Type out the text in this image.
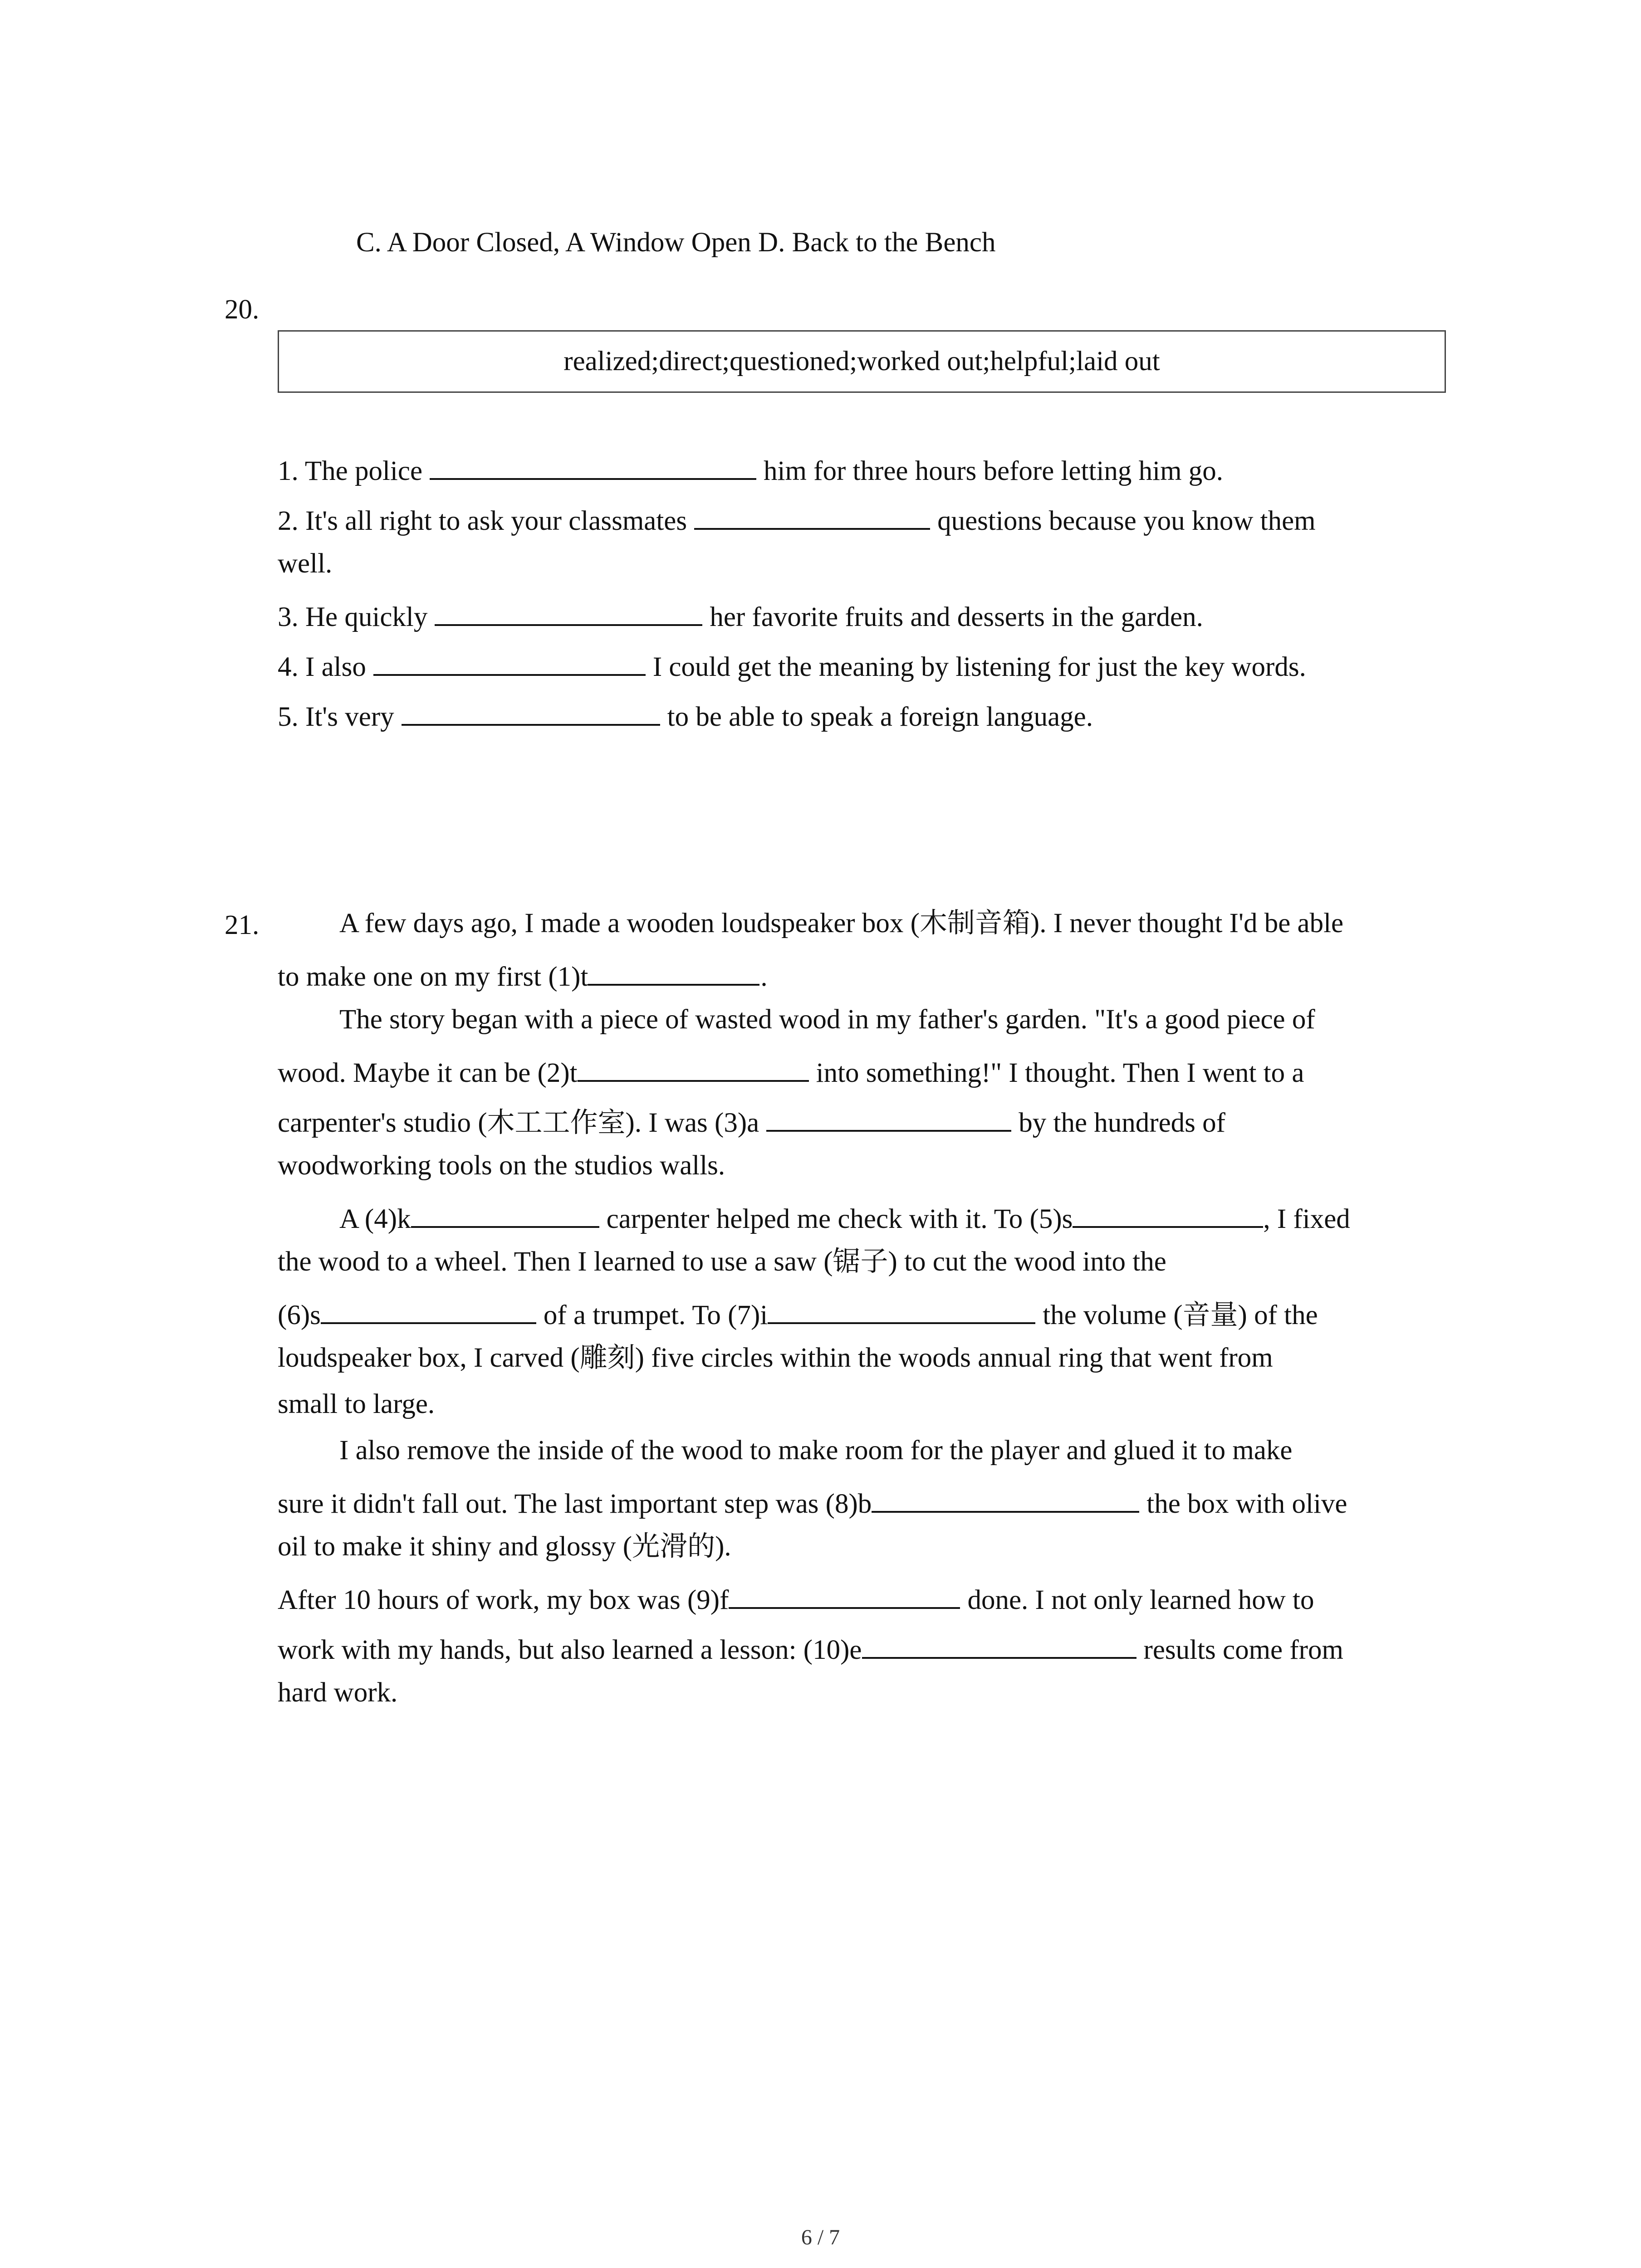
C. A Door Closed, A Window Open D. Back to the Bench
20.
realized;direct;questioned;worked out;helpful;laid out
1. The police	him for three hours before letting him go.
2. It's all right to ask your classmates	questions because you know them
well.
3. He quickly	her favorite fruits and desserts in the garden.
4. I also	I could get the meaning by listening for just the key words.
5. It's very	to be able to speak a foreign language.
21.	A few days ago, I made a wooden loudspeaker box (木制音箱). I never thought I'd be able
to make one on my first (1)t	.
The story began with a piece of wasted wood in my father's garden. "It's a good piece of
wood. Maybe it can be (2)t	into something!" I thought. Then I went to a
carpenter's studio (木工工作室). I was (3)a	by the hundreds of
woodworking tools on the studios walls.
A (4)k	carpenter helped me check with it. To (5)s	, I fixed
the wood to a wheel. Then I learned to use a saw (锯子) to cut the wood into the
(6)s	of a trumpet. To (7)i	the volume (音量) of the
loudspeaker box, I carved (雕刻) five circles within the woods annual ring that went from
small to large.
I also remove the inside of the wood to make room for the player and glued it to make
sure it didn't fall out. The last important step was (8)b	the box with olive
oil to make it shiny and glossy (光滑的).
After 10 hours of work, my box was (9)f	done. I not only learned how to
work with my hands, but also learned a lesson: (10)e	results come from
hard work.
6 / 7
